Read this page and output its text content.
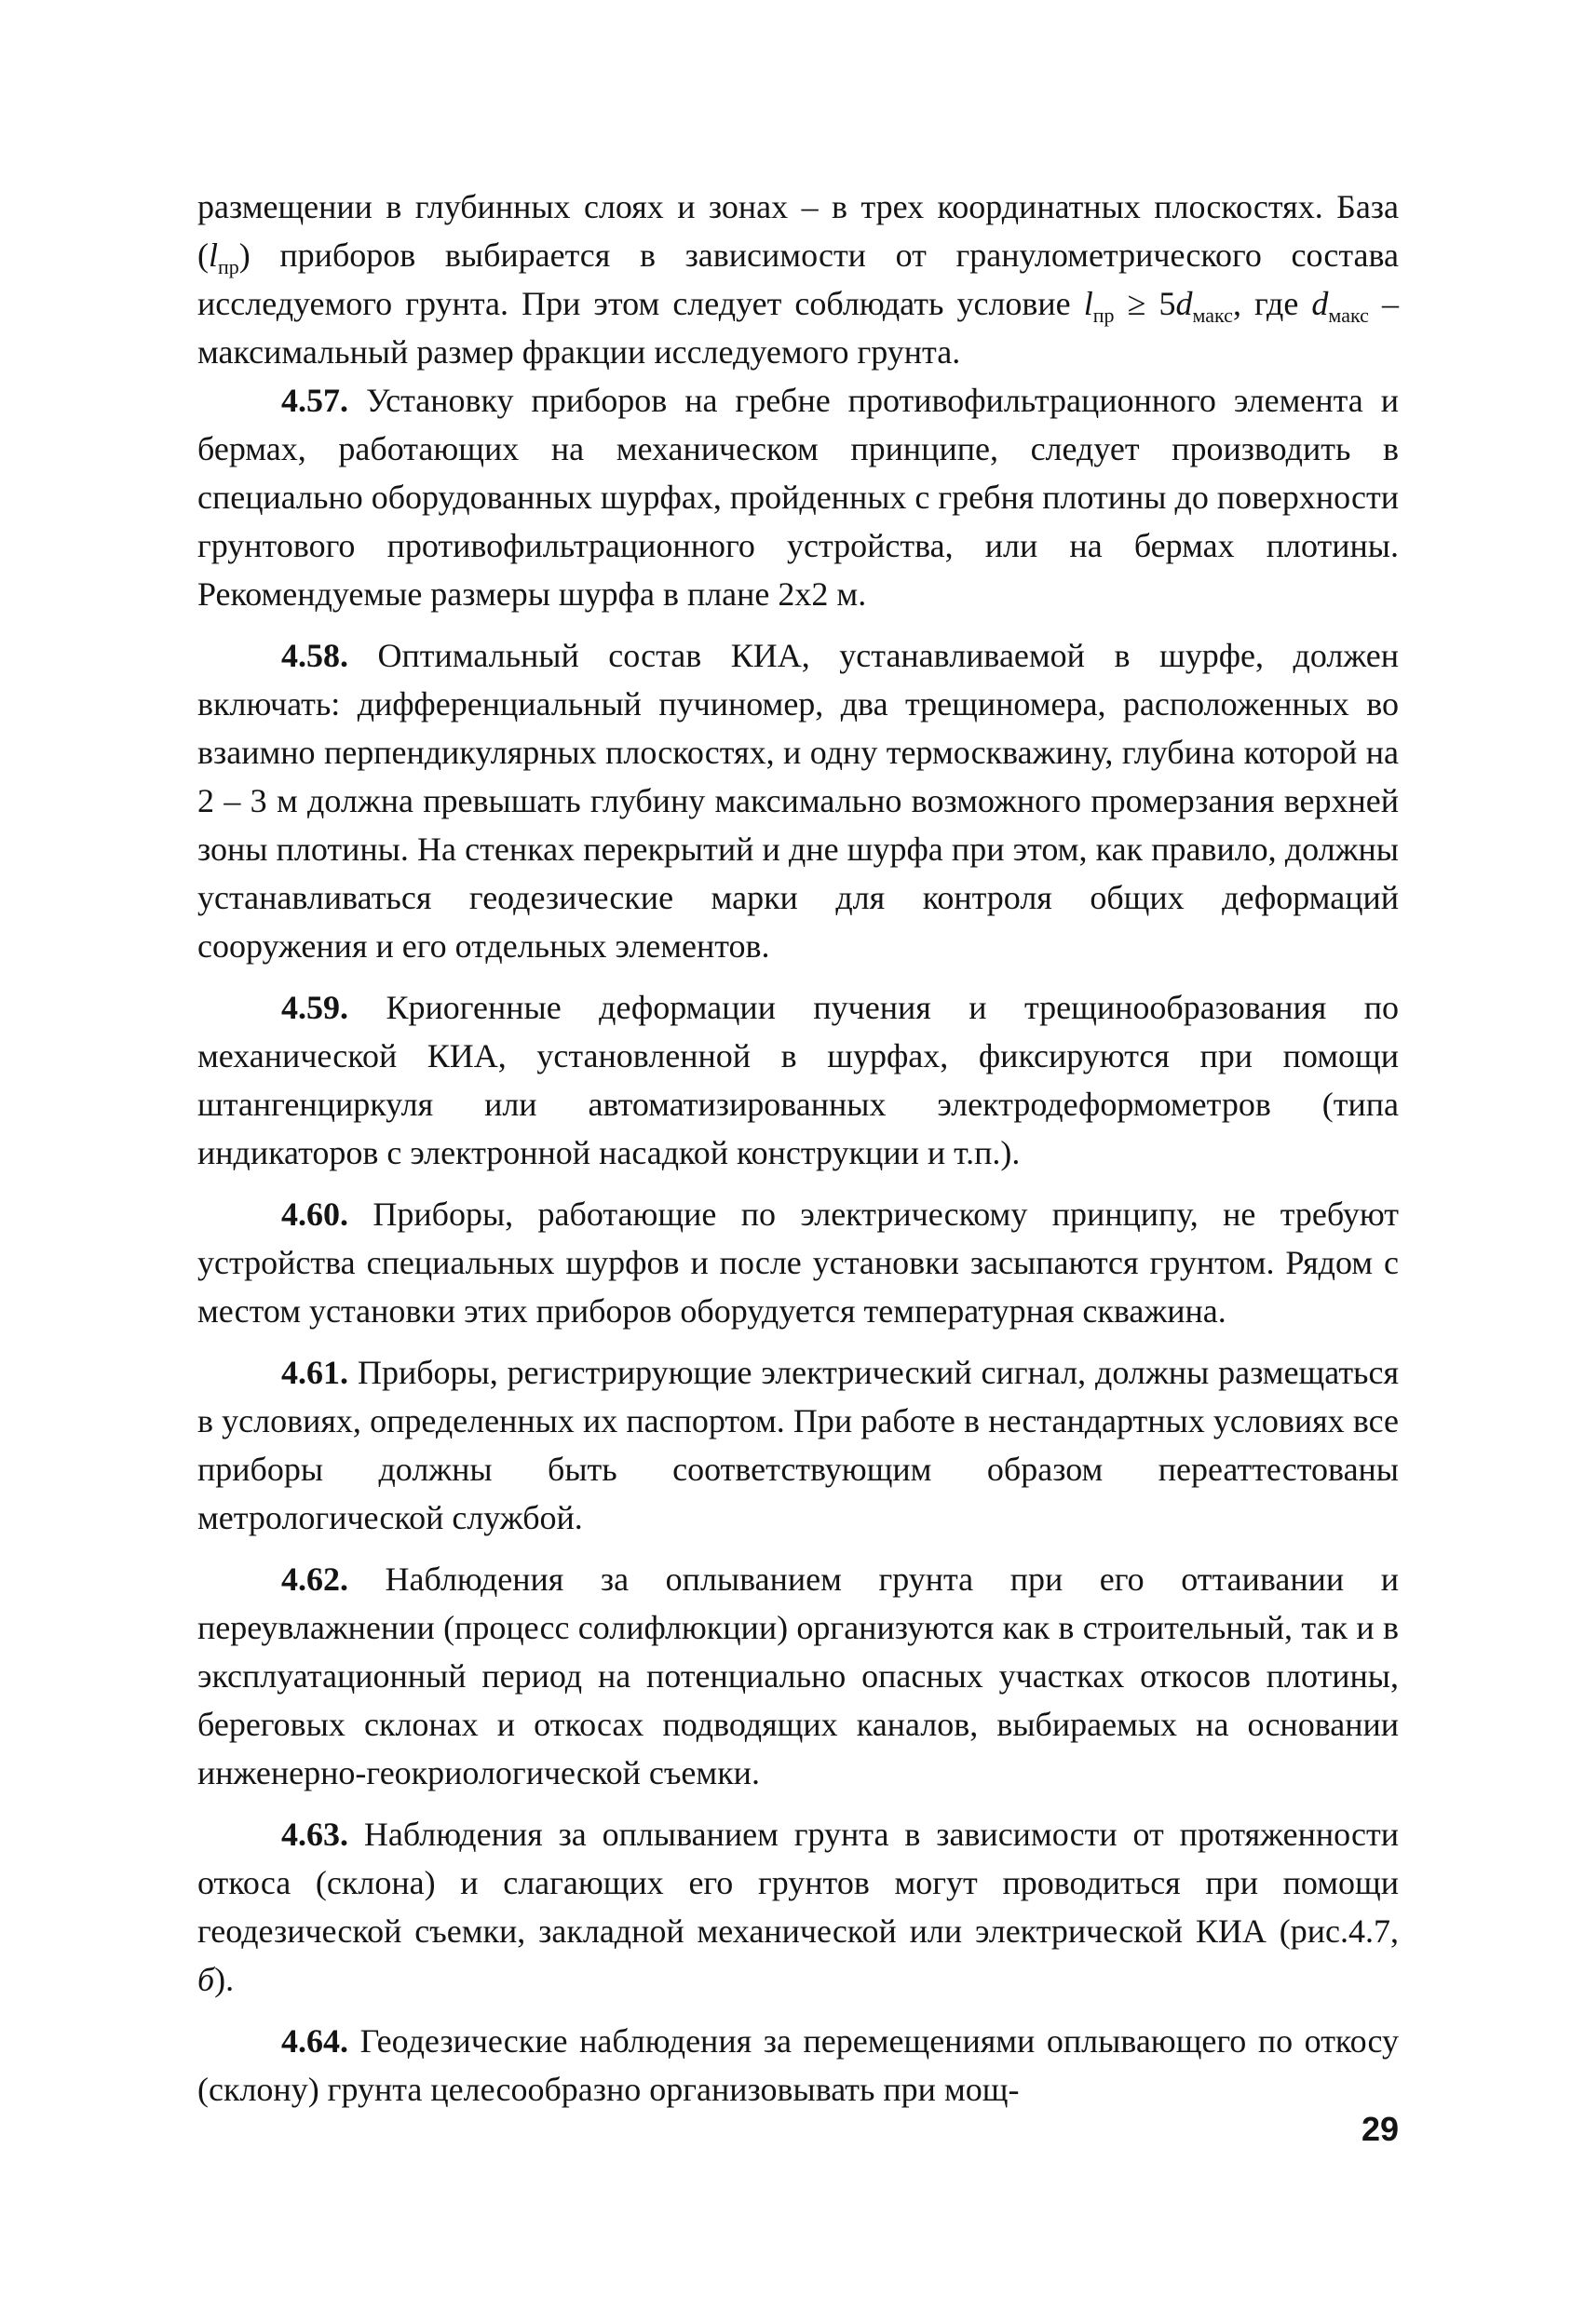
размещении в глубинных слоях и зонах – в трех координатных плоскостях. База $(l_{пр})$ приборов выбирается в зависимости от гранулометрического состава исследуемого грунта. При этом следует соблюдать условие $l_{пр} \ge 5d_{макс}$, где $d_{макс}$ – максимальный размер фракции исследуемого грунта.

4.57. Установку приборов на гребне противофильтрационного элемента и бермах, работающих на механическом принципе, следует производить в специально оборудованных шурфах, пройденных с гребня плотины до поверхности грунтового противофильтрационного устройства, или на бермах плотины. Рекомендуемые размеры шурфа в плане 2х2 м.

4.58. Оптимальный состав КИА, устанавливаемой в шурфе, должен включать: дифференциальный пучиномер, два трещиномера, расположенных во взаимно перпендикулярных плоскостях, и одну термоскважину, глубина которой на 2 – 3 м должна превышать глубину максимально возможного промерзания верхней зоны плотины. На стенках перекрытий и дне шурфа при этом, как правило, должны устанавливаться геодезические марки для контроля общих деформаций сооружения и его отдельных элементов.

4.59. Криогенные деформации пучения и трещинообразования по механической КИА, установленной в шурфах, фиксируются при помощи штангенциркуля или автоматизированных электродеформометров (типа индикаторов с электронной насадкой конструкции и т.п.).

4.60. Приборы, работающие по электрическому принципу, не требуют устройства специальных шурфов и после установки засыпаются грунтом. Рядом с местом установки этих приборов оборудуется температурная скважина.

4.61. Приборы, регистрирующие электрический сигнал, должны размещаться в условиях, определенных их паспортом. При работе в нестандартных условиях все приборы должны быть соответствующим образом переаттестованы метрологической службой.

4.62. Наблюдения за оплыванием грунта при его оттаивании и переувлажнении (процесс солифлюкции) организуются как в строительный, так и в эксплуатационный период на потенциально опасных участках откосов плотины, береговых склонах и откосах подводящих каналов, выбираемых на основании инженерно-геокриологической съемки.

4.63. Наблюдения за оплыванием грунта в зависимости от протяженности откоса (склона) и слагающих его грунтов могут проводиться при помощи геодезической съемки, закладной механической или электрической КИА (рис.4.7, б).

4.64. Геодезические наблюдения за перемещениями оплывающего по откосу (склону) грунта целесообразно организовывать при мощ-

29
